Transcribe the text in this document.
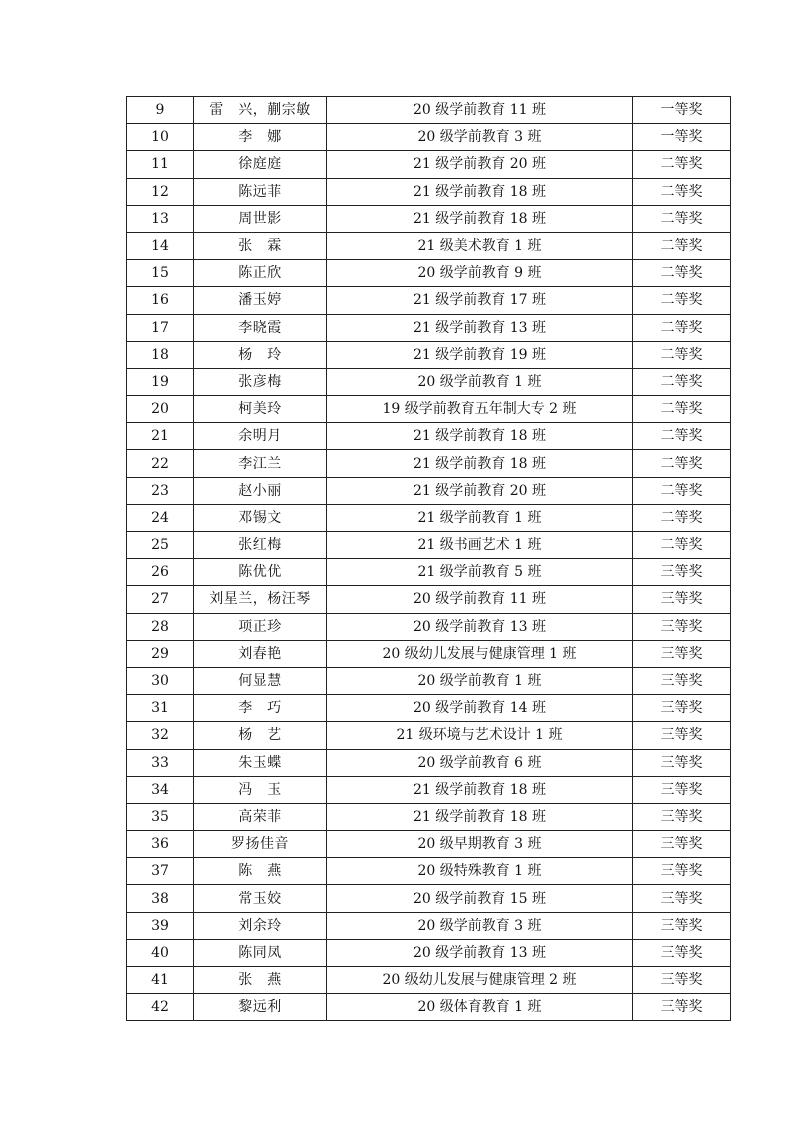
9	雷　兴，蒯宗敏	20 级学前教育 11 班	一等奖
10	李　娜	20 级学前教育 3 班	一等奖
11	徐庭庭	21 级学前教育 20 班	二等奖
12	陈远菲	21 级学前教育 18 班	二等奖
13	周世影	21 级学前教育 18 班	二等奖
14	张　霖	21 级美术教育 1 班	二等奖
15	陈正欣	20 级学前教育 9 班	二等奖
16	潘玉婷	21 级学前教育 17 班	二等奖
17	李晓霞	21 级学前教育 13 班	二等奖
18	杨　玲	21 级学前教育 19 班	二等奖
19	张彦梅	20 级学前教育 1 班	二等奖
20	柯美玲	19 级学前教育五年制大专 2 班	二等奖
21	余明月	21 级学前教育 18 班	二等奖
22	李江兰	21 级学前教育 18 班	二等奖
23	赵小丽	21 级学前教育 20 班	二等奖
24	邓锡文	21 级学前教育 1 班	二等奖
25	张红梅	21 级书画艺术 1 班	二等奖
26	陈优优	21 级学前教育 5 班	三等奖
27	刘星兰，杨汪琴	20 级学前教育 11 班	三等奖
28	项正珍	20 级学前教育 13 班	三等奖
29	刘春艳	20 级幼儿发展与健康管理 1 班	三等奖
30	何显慧	20 级学前教育 1 班	三等奖
31	李　巧	20 级学前教育 14 班	三等奖
32	杨　艺	21 级环境与艺术设计 1 班	三等奖
33	朱玉蝶	20 级学前教育 6 班	三等奖
34	冯　玉	21 级学前教育 18 班	三等奖
35	高荣菲	21 级学前教育 18 班	三等奖
36	罗扬佳音	20 级早期教育 3 班	三等奖
37	陈　燕	20 级特殊教育 1 班	三等奖
38	常玉姣	20 级学前教育 15 班	三等奖
39	刘余玲	20 级学前教育 3 班	三等奖
40	陈同凤	20 级学前教育 13 班	三等奖
41	张　燕	20 级幼儿发展与健康管理 2 班	三等奖
42	黎远利	20 级体育教育 1 班	三等奖
